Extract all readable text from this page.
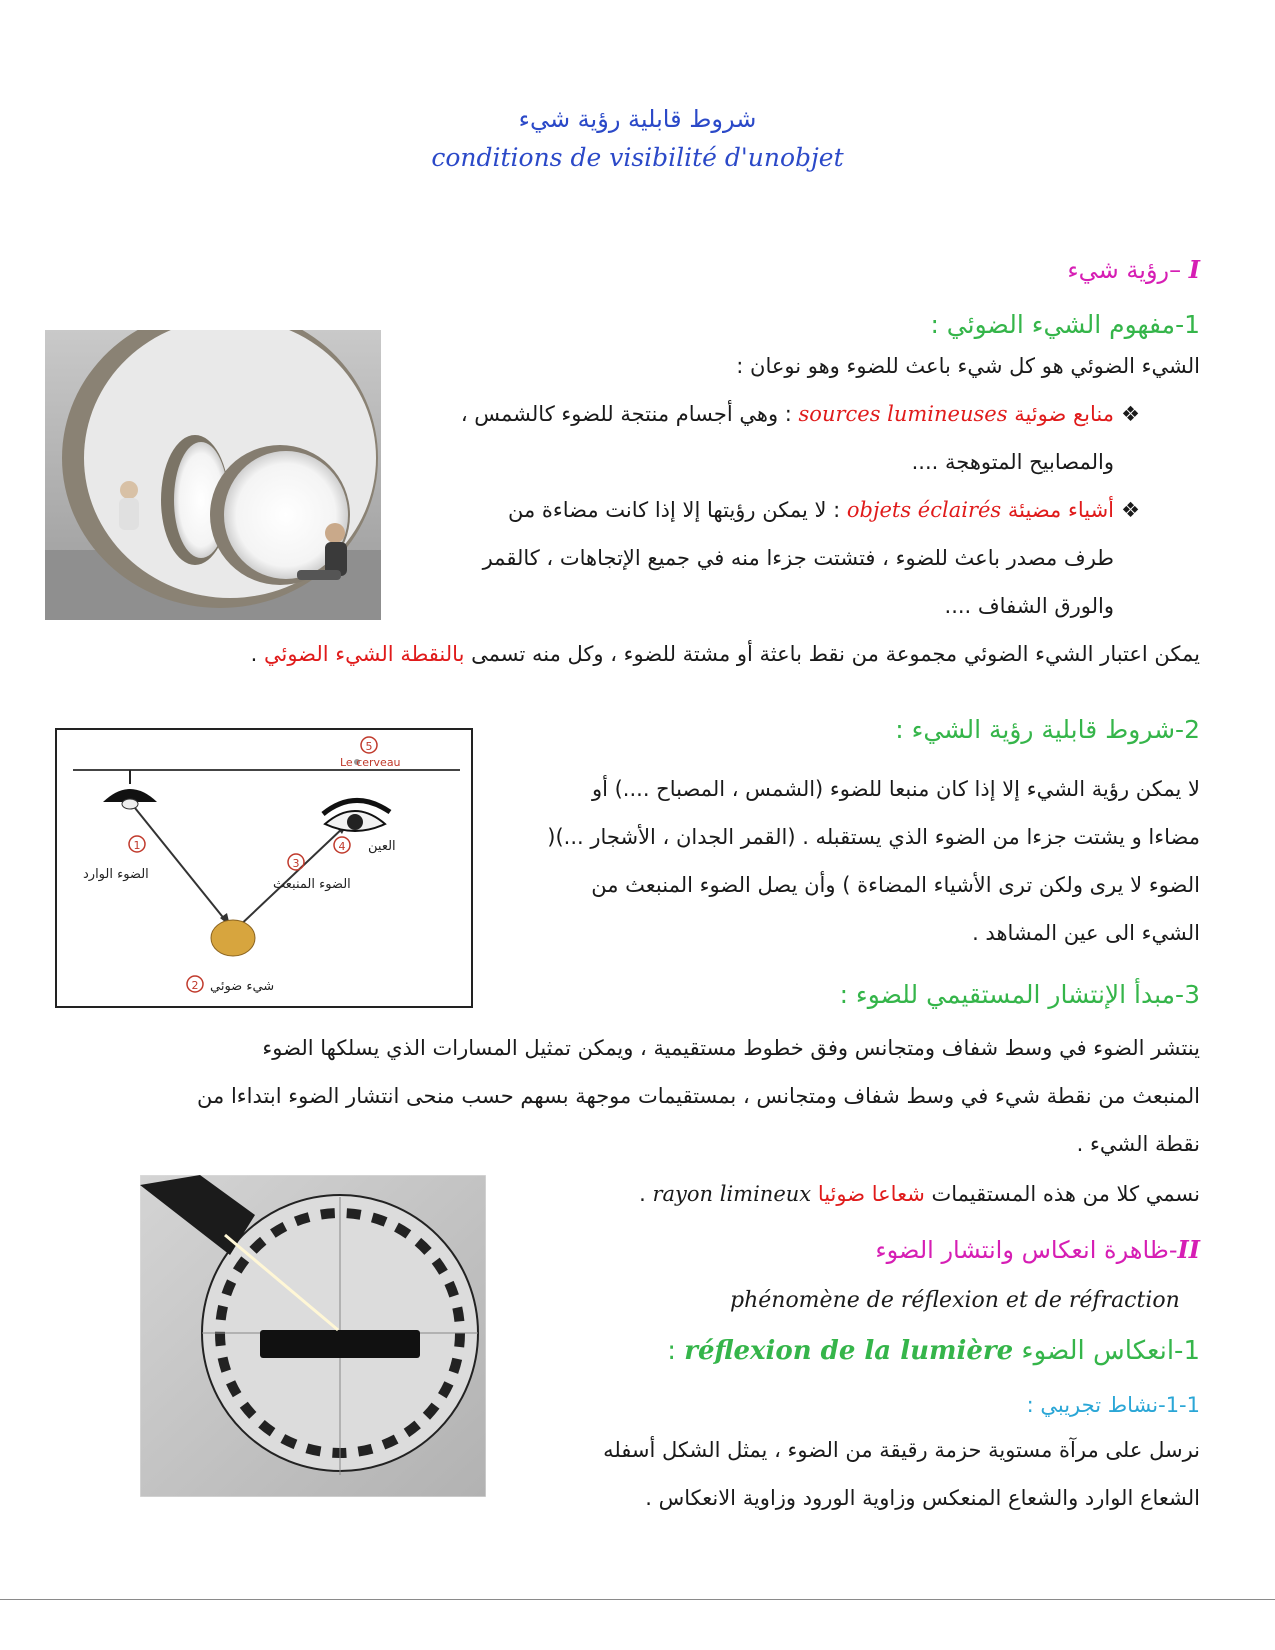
شروط قابلية رؤية شيء
conditions de visibilité d'unobjet
I –رؤية شيء
1-مفهوم الشيء الضوئي :
الشيء الضوئي هو كل شيء باعث للضوء وهو نوعان :
❖منابع ضوئية sources lumineuses : وهي أجسام منتجة للضوء كالشمس ،
والمصابيح المتوهجة ....
❖أشياء مضيئة objets éclairés : لا يمكن رؤيتها إلا إذا كانت مضاءة من
طرف مصدر باعث للضوء ، فتشتت جزءا منه في جميع الإتجاهات ، كالقمر
والورق الشفاف ....
يمكن اعتبار الشيء الضوئي مجموعة من نقط باعثة أو مشتة للضوء ، وكل منه تسمى بالنقطة الشيء الضوئي .
2-شروط قابلية رؤية الشيء :
1
2
3
4
5
Le cerveau
العين
الضوء الوارد
الضوء المنبعث
شيء ضوئي
لا يمكن رؤية الشيء إلا إذا كان منبعا للضوء (الشمس ، المصباح ....) أو
مضاءا و يشتت جزءا من الضوء الذي يستقبله . (القمر الجدان ، الأشجار ...)(
الضوء لا يرى ولكن ترى الأشياء المضاءة ) وأن يصل الضوء المنبعث من
الشيء الى عين المشاهد .
3-مبدأ الإنتشار المستقيمي للضوء :
ينتشر الضوء في وسط شفاف ومتجانس وفق خطوط مستقيمية ، ويمكن تمثيل المسارات الذي يسلكها الضوء
المنبعث من نقطة شيء في وسط شفاف ومتجانس ، بمستقيمات موجهة بسهم حسب منحى انتشار الضوء ابتداءا من
نقطة الشيء .
نسمي كلا من هذه المستقيمات شعاعا ضوئيا rayon limineux .
II-ظاهرة انعكاس وانتشار الضوء
phénomène de réflexion et de réfraction
1-انعكاس الضوء réflexion de la lumière :
1-1-نشاط تجريبي :
نرسل على مرآة مستوية حزمة رقيقة من الضوء ، يمثل الشكل أسفله
الشعاع الوارد والشعاع المنعكس وزاوية الورود وزاوية الانعكاس .
